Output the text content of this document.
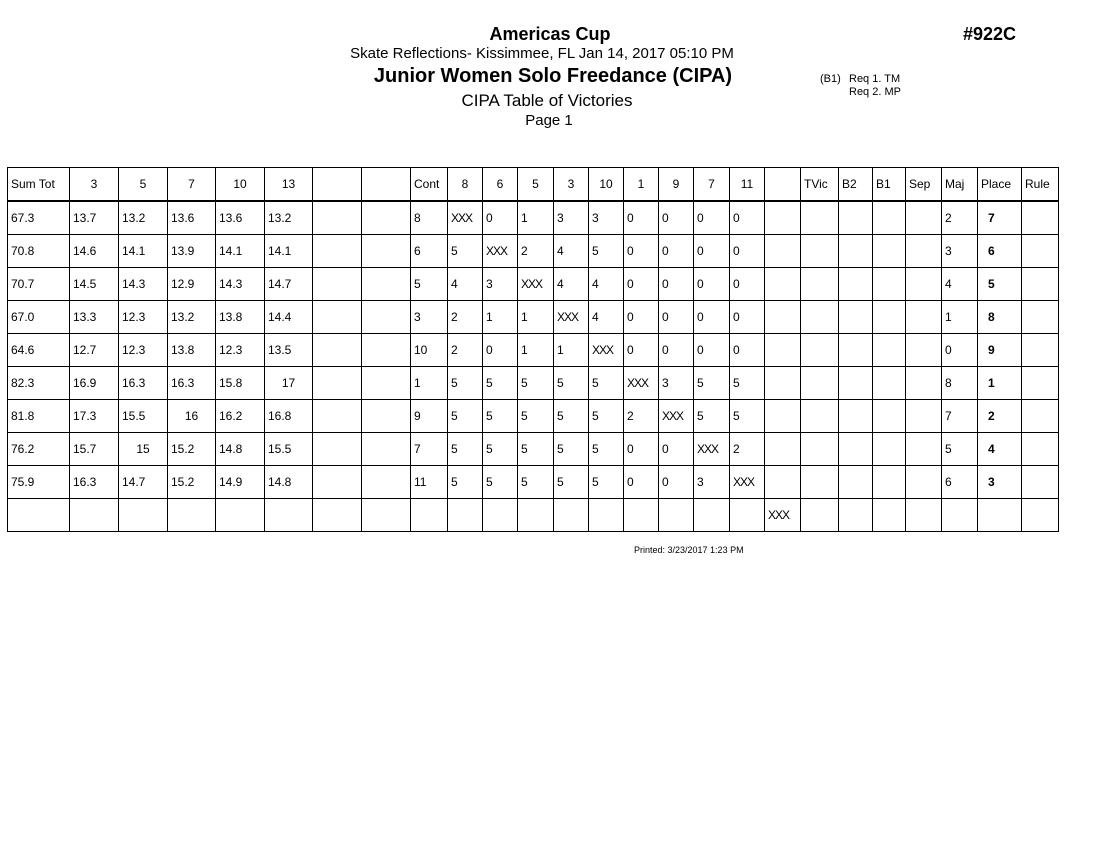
Americas Cup	#922C
Skate Reflections- Kissimmee, FL Jan 14, 2017 05:10 PM
Junior Women Solo Freedance (CIPA)
CIPA Table of Victories
Page 1
(B1) Req 1. TM
Req 2. MP
Sum Tot	3	5	7	10	13			Cont	8	6	5	3	10	1	9	7	11		TVic	B2	B1	Sep	Maj	Place	Rule
67.3	13.7	13.2	13.6	13.6	13.2			8	XXX	0	1	3	3	0	0	0	0						2	7	
70.8	14.6	14.1	13.9	14.1	14.1			6	5	XXX	2	4	5	0	0	0	0						3	6	
70.7	14.5	14.3	12.9	14.3	14.7			5	4	3	XXX	4	4	0	0	0	0						4	5	
67.0	13.3	12.3	13.2	13.8	14.4			3	2	1	1	XXX	4	0	0	0	0						1	8	
64.6	12.7	12.3	13.8	12.3	13.5			10	2	0	1	1	XXX	0	0	0	0						0	9	
82.3	16.9	16.3	16.3	15.8	17			1	5	5	5	5	5	XXX	3	5	5						8	1	
81.8	17.3	15.5	16	16.2	16.8			9	5	5	5	5	5	2	XXX	5	5						7	2	
76.2	15.7	15	15.2	14.8	15.5			7	5	5	5	5	5	0	0	XXX	2						5	4	
75.9	16.3	14.7	15.2	14.9	14.8			11	5	5	5	5	5	0	0	3	XXX						6	3	
																		XXX							
Printed: 3/23/2017 1:23 PM
